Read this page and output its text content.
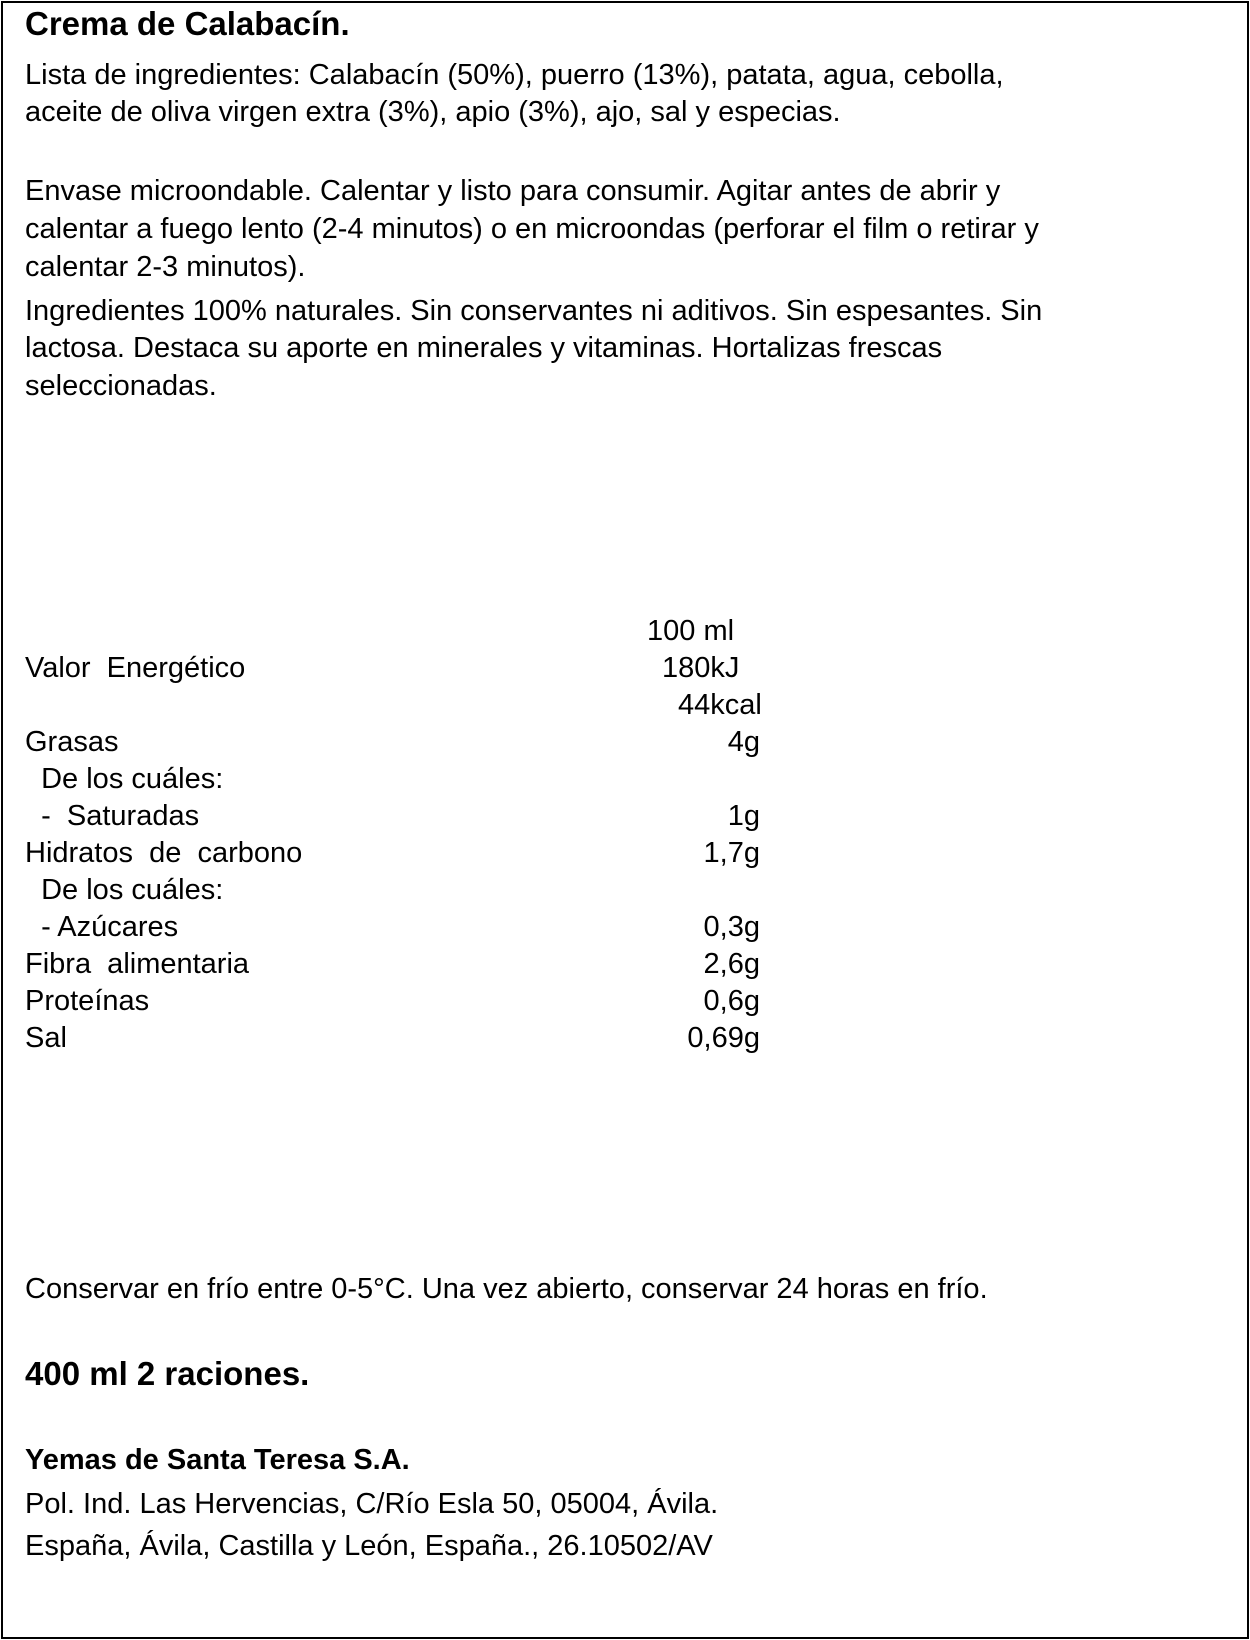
Crema de Calabacín.
Lista de ingredientes: Calabacín (50%), puerro (13%), patata, agua, cebolla,
aceite de oliva virgen extra (3%), apio (3%), ajo, sal y especias.
Envase microondable. Calentar y listo para consumir. Agitar antes de abrir y
calentar a fuego lento (2-4 minutos) o en microondas (perforar el film o retirar y
calentar 2-3 minutos).
Ingredientes 100% naturales. Sin conservantes ni aditivos. Sin espesantes. Sin
lactosa. Destaca su aporte en minerales y vitaminas. Hortalizas frescas
seleccionadas.
100 ml
Valor  Energético	180kJ
44kcal
Grasas	4g
De los cuáles:
-  Saturadas	1g
Hidratos  de  carbono	1,7g
De los cuáles:
- Azúcares	0,3g
Fibra  alimentaria	2,6g
Proteínas	0,6g
Sal	0,69g
Conservar en frío entre 0-5°C. Una vez abierto, conservar 24 horas en frío.
400 ml 2 raciones.
Yemas de Santa Teresa S.A.
Pol. Ind. Las Hervencias, C/Río Esla 50, 05004, Ávila.
España, Ávila, Castilla y León, España., 26.10502/AV
